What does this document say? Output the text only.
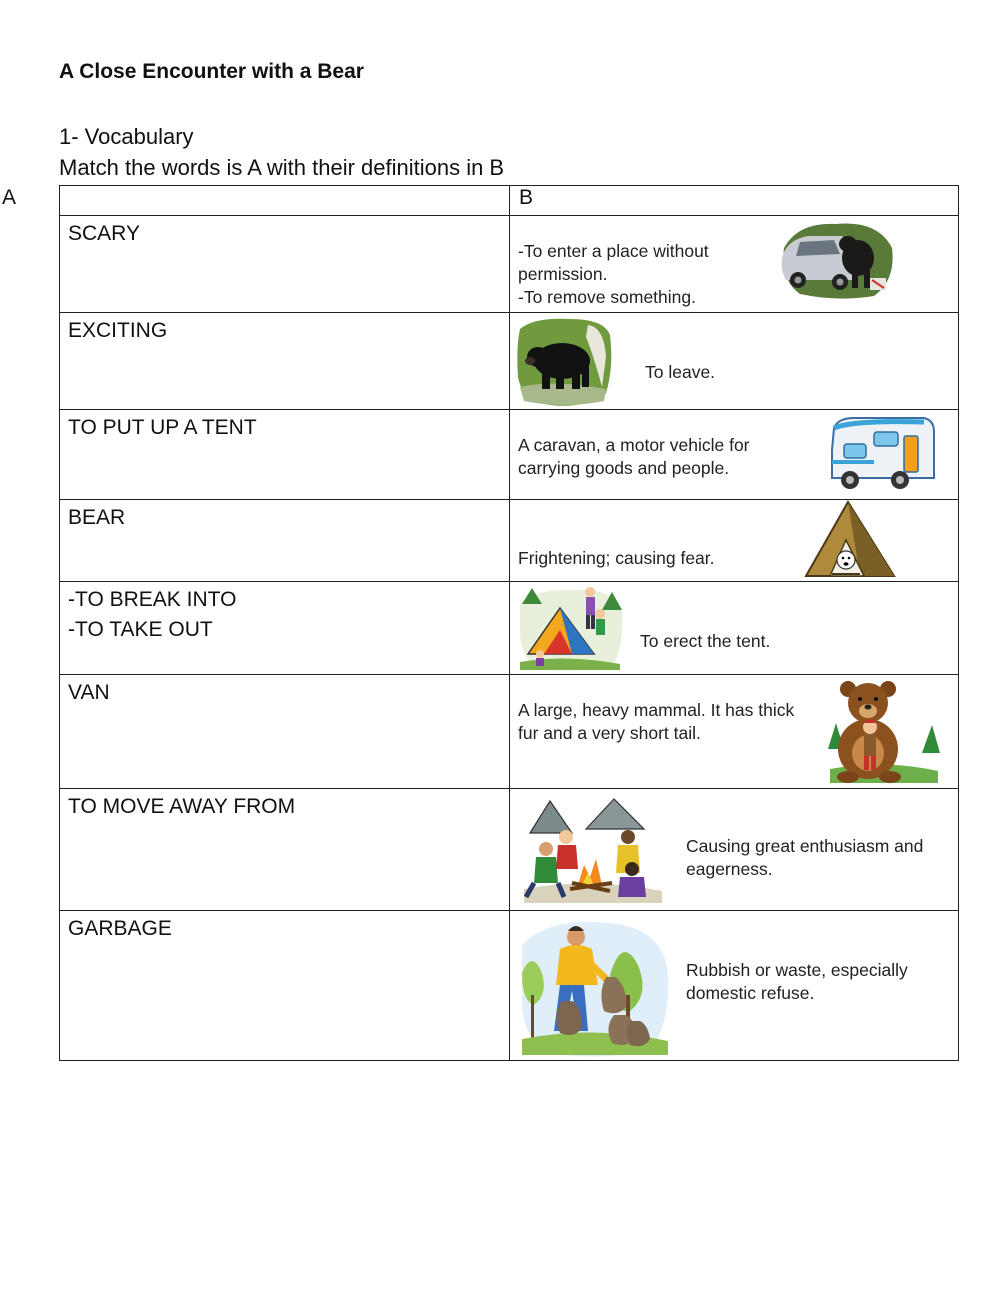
A Close Encounter with a Bear
1- Vocabulary
Match the words is A with their definitions in B
A	B

SCARY	-To enter a place without
permission.
-To remove something.

EXCITING	To leave.

TO PUT UP A TENT	A caravan, a motor vehicle for
carrying goods and people.

BEAR	Frightening; causing fear.

-TO BREAK INTO
-TO TAKE OUT	To erect the tent.

VAN	A large, heavy mammal. It has thick
fur and a very short tail.

TO MOVE AWAY FROM	Causing great enthusiasm and
eagerness.

GARBAGE	Rubbish or waste, especially
domestic refuse.
